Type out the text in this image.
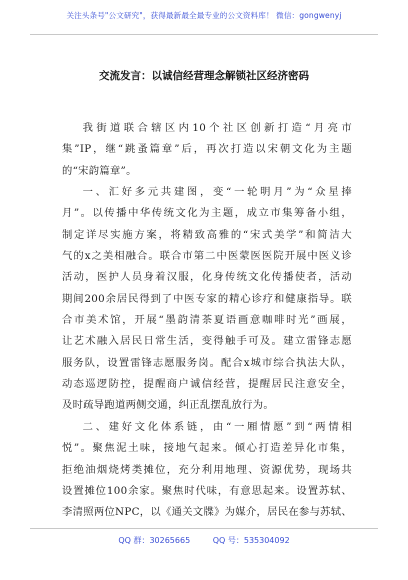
关注头条号"公文研究"，获得最新最全最专业的公文资料库！ 微信：gongwenyj
交流发言：以诚信经营理念解锁社区经济密码
我街道联合辖区内10个社区创新打造“月亮市
集”IP，继“跳蚤篇章”后，再次打造以宋朝文化为主题
的“宋韵篇章”。
一、汇好多元共建图，变“一轮明月”为“众星捧
月”。以传播中华传统文化为主题，成立市集筹备小组，
制定详尽实施方案，将精致高雅的“宋式美学”和简洁大
气的x之美相融合。联合市第二中医蒙医医院开展中医义诊
活动，医护人员身着汉服，化身传统文化传播使者，活动
期间200余居民得到了中医专家的精心诊疗和健康指导。联
合市美术馆，开展“墨韵清茶夏语画意咖啡时光”画展，
让艺术融入居民日常生活，变得触手可及。建立雷锋志愿
服务队，设置雷锋志愿服务岗。配合x城市综合执法大队，
动态巡逻防控，提醒商户诚信经营，提醒居民注意安全，
及时疏导跑道两侧交通，纠正乱摆乱放行为。
二、建好文化体系链，由“一厢情愿”到“两情相
悦”。聚焦泥土味，接地气起来。倾心打造差异化市集，
拒绝油烟烧烤类摊位，充分利用地理、资源优势，现场共
设置摊位100余家。聚焦时代味，有意思起来。设置苏轼、
李清照两位NPC，以《通关文牒》为媒介，居民在参与苏轼、
QQ 群：30265665	QQ 号：535304092
